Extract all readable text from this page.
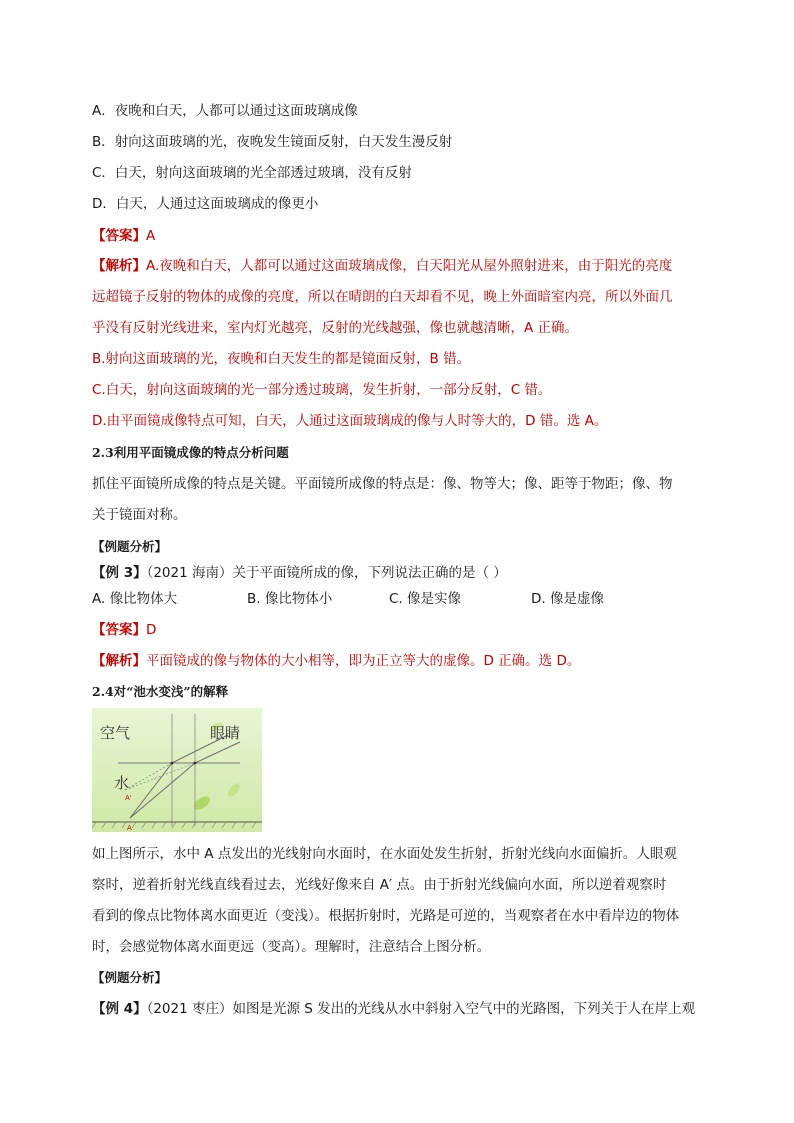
A．夜晚和白天，人都可以通过这面玻璃成像
B．射向这面玻璃的光，夜晚发生镜面反射，白天发生漫反射
C．白天，射向这面玻璃的光全部透过玻璃，没有反射
D．白天，人通过这面玻璃成的像更小
【答案】A
【解析】A.夜晚和白天，人都可以通过这面玻璃成像，白天阳光从屋外照射进来，由于阳光的亮度
远超镜子反射的物体的成像的亮度，所以在晴朗的白天却看不见，晚上外面暗室内亮，所以外面几
乎没有反射光线进来，室内灯光越亮，反射的光线越强，像也就越清晰，A 正确。
B.射向这面玻璃的光，夜晚和白天发生的都是镜面反射，B 错。
C.白天，射向这面玻璃的光一部分透过玻璃，发生折射，一部分反射，C 错。
D.由平面镜成像特点可知，白天，人通过这面玻璃成的像与人时等大的，D 错。选 A。
2.3利用平面镜成像的特点分析问题
抓住平面镜所成像的特点是关键。平面镜所成像的特点是：像、物等大；像、距等于物距；像、物
关于镜面对称。
【例题分析】
【例 3】（2021 海南）关于平面镜所成的像，下列说法正确的是（ ）
A. 像比物体大	B. 像比物体小	C. 像是实像	D. 像是虚像
【答案】D
【解析】平面镜成的像与物体的大小相等，即为正立等大的虚像。D 正确。选 D。
2.4对“池水变浅”的解释
空气	眼睛
水
A'
A
如上图所示，水中 A 点发出的光线射向水面时，在水面处发生折射，折射光线向水面偏折。人眼观
察时，逆着折射光线直线看过去，光线好像来自 A′ 点。由于折射光线偏向水面，所以逆着观察时
看到的像点比物体离水面更近（变浅）。根据折射时，光路是可逆的，当观察者在水中看岸边的物体
时，会感觉物体离水面更远（变高）。理解时，注意结合上图分析。
【例题分析】
【例 4】（2021 枣庄）如图是光源 S 发出的光线从水中斜射入空气中的光路图，下列关于人在岸上观
